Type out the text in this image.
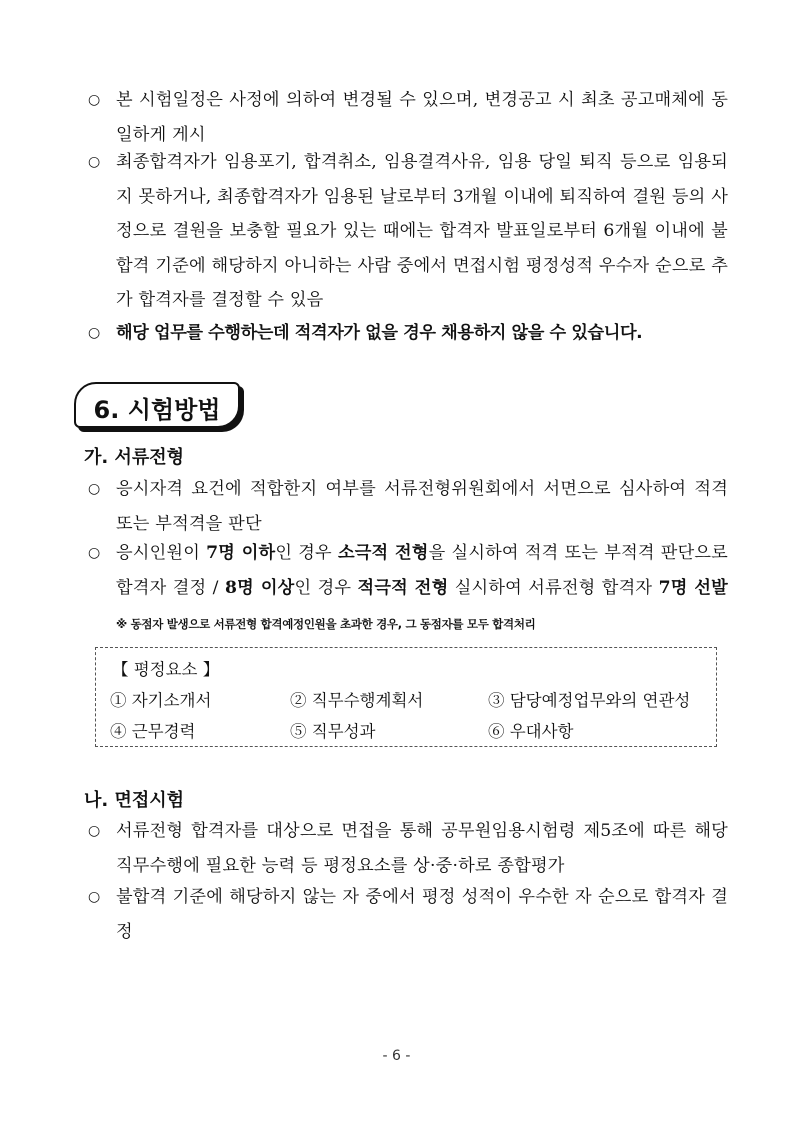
○ 본 시험일정은 사정에 의하여 변경될 수 있으며, 변경공고 시 최초 공고매체에 동일하게 게시
○ 최종합격자가 임용포기, 합격취소, 임용결격사유, 임용 당일 퇴직 등으로 임용되지 못하거나, 최종합격자가 임용된 날로부터 3개월 이내에 퇴직하여 결원 등의 사정으로 결원을 보충할 필요가 있는 때에는 합격자 발표일로부터 6개월 이내에 불합격 기준에 해당하지 아니하는 사람 중에서 면접시험 평정성적 우수자 순으로 추가 합격자를 결정할 수 있음
○ 해당 업무를 수행하는데 적격자가 없을 경우 채용하지 않을 수 있습니다.
6. 시험방법
가. 서류전형
○ 응시자격 요건에 적합한지 여부를 서류전형위원회에서 서면으로 심사하여 적격 또는 부적격을 판단
○ 응시인원이 7명 이하인 경우 소극적 전형을 실시하여 적격 또는 부적격 판단으로 합격자 결정 / 8명 이상인 경우 적극적 전형 실시하여 서류전형 합격자 7명 선발 ※ 동점자 발생으로 서류전형 합격예정인원을 초과한 경우, 그 동점자를 모두 합격처리
【 평정요소 】
① 자기소개서	② 직무수행계획서	③ 담당예정업무와의 연관성
④ 근무경력	⑤ 직무성과	⑥ 우대사항
나. 면접시험
○ 서류전형 합격자를 대상으로 면접을 통해 공무원임용시험령 제5조에 따른 해당 직무수행에 필요한 능력 등 평정요소를 상·중·하로 종합평가
○ 불합격 기준에 해당하지 않는 자 중에서 평정 성적이 우수한 자 순으로 합격자 결정
- 6 -
